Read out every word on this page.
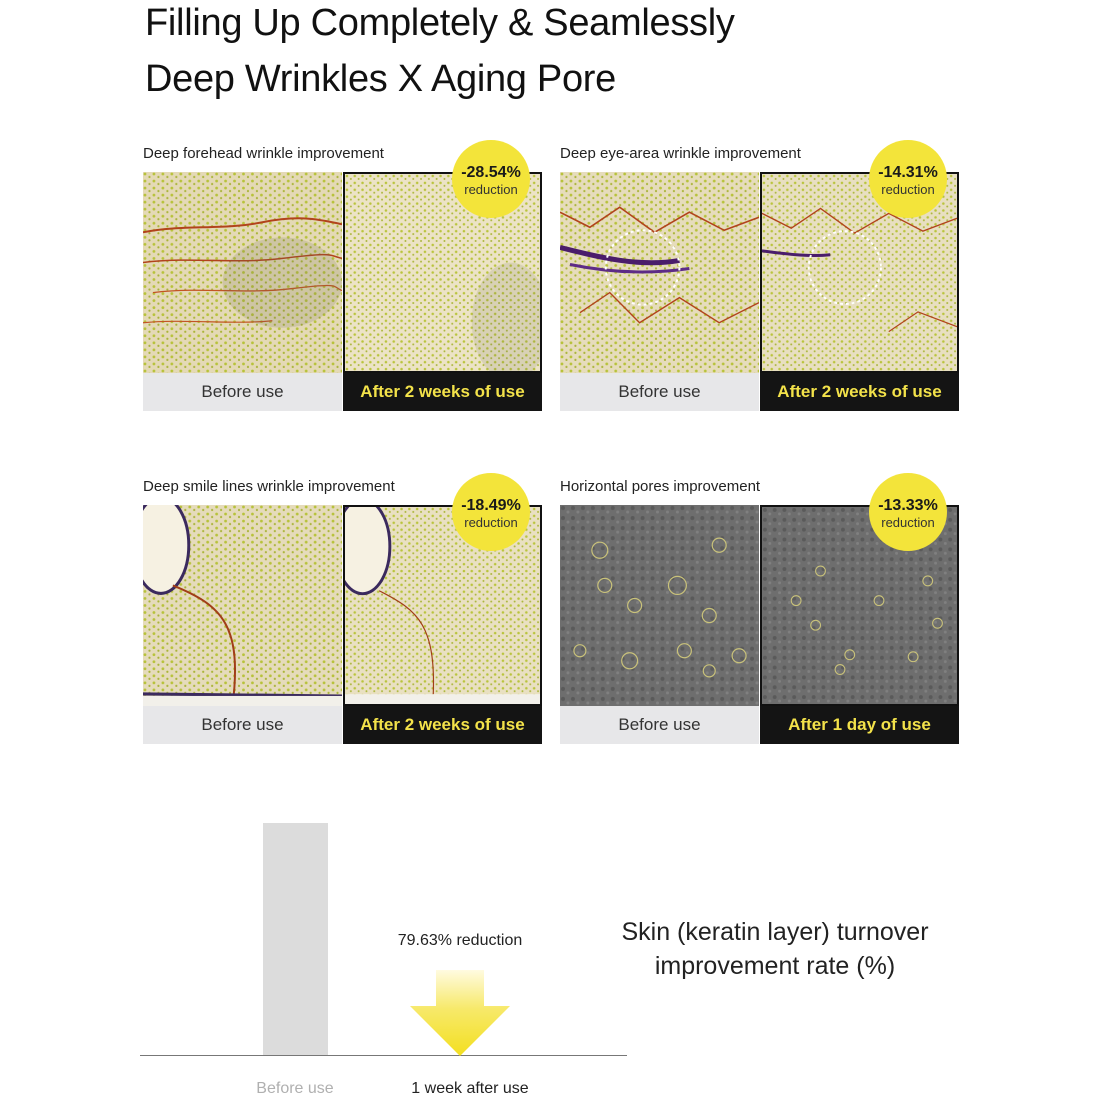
Filling Up Completely & Seamlessly
Deep Wrinkles X Aging Pore
Deep forehead wrinkle improvement
Before use	After 2 weeks of use
-28.54%
reduction
Deep eye-area wrinkle improvement
Before use	After 2 weeks of use
-14.31%
reduction
Deep smile lines wrinkle improvement
Before use	After 2 weeks of use
-18.49%
reduction
Horizontal pores improvement
Before use	After 1 day of use
-13.33%
reduction
79.63% reduction
Before use	1 week after use
Skin (keratin layer) turnover improvement rate (%)
